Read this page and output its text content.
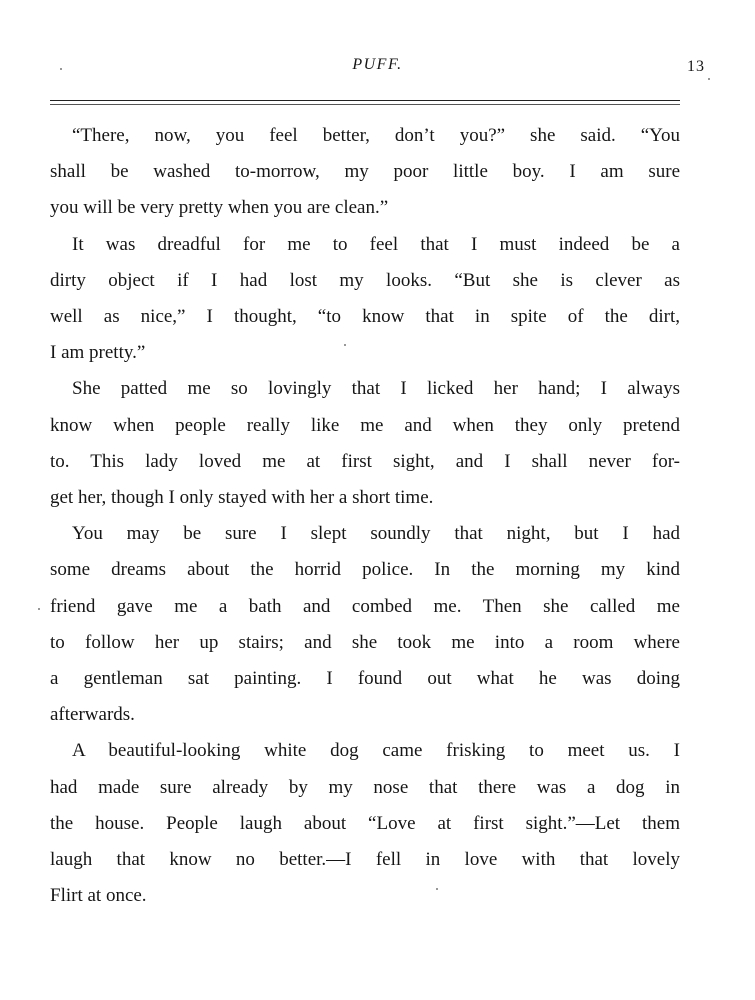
PUFF.	13
“There, now, you feel better, don’t you?” she said. “You
shall be washed to-morrow, my poor little boy. I am sure
you will be very pretty when you are clean.”
It was dreadful for me to feel that I must indeed be a
dirty object if I had lost my looks. “But she is clever as
well as nice,” I thought, “to know that in spite of the dirt,
I am pretty.”
She patted me so lovingly that I licked her hand; I always
know when people really like me and when they only pretend
to. This lady loved me at first sight, and I shall never for-
get her, though I only stayed with her a short time.
You may be sure I slept soundly that night, but I had
some dreams about the horrid police. In the morning my kind
friend gave me a bath and combed me. Then she called me
to follow her up stairs; and she took me into a room where
a gentleman sat painting. I found out what he was doing
afterwards.
A beautiful-looking white dog came frisking to meet us. I
had made sure already by my nose that there was a dog in
the house. People laugh about “Love at first sight.”—Let them
laugh that know no better.—I fell in love with that lovely
Flirt at once.
